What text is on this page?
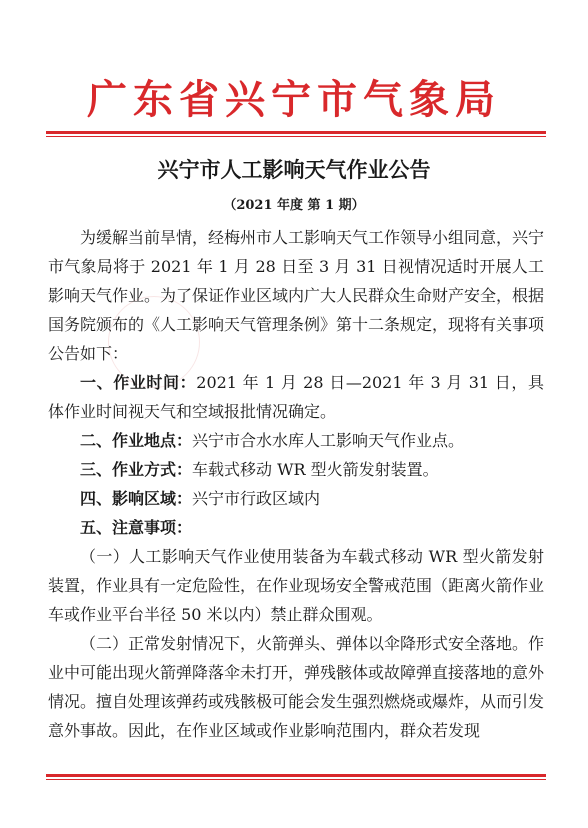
广东省兴宁市气象局
兴宁市人工影响天气作业公告
（2021 年度 第 1 期）

为缓解当前旱情，经梅州市人工影响天气工作领导小组同意，兴宁市气象局将于 2021 年 1 月 28 日至 3 月 31 日视情况适时开展人工影响天气作业。为了保证作业区域内广大人民群众生命财产安全，根据国务院颁布的《人工影响天气管理条例》第十二条规定，现将有关事项公告如下：

一、作业时间：2021 年 1 月 28 日—2021 年 3 月 31 日，具体作业时间视天气和空域报批情况确定。

二、作业地点：兴宁市合水水库人工影响天气作业点。

三、作业方式：车载式移动 WR 型火箭发射装置。

四、影响区域：兴宁市行政区域内

五、注意事项：

（一）人工影响天气作业使用装备为车载式移动 WR 型火箭发射装置，作业具有一定危险性，在作业现场安全警戒范围（距离火箭作业车或作业平台半径 50 米以内）禁止群众围观。

（二）正常发射情况下，火箭弹头、弹体以伞降形式安全落地。作业中可能出现火箭弹降落伞未打开，弹残骸体或故障弹直接落地的意外情况。擅自处理该弹药或残骸极可能会发生强烈燃烧或爆炸，从而引发意外事故。因此，在作业区域或作业影响范围内，群众若发现
